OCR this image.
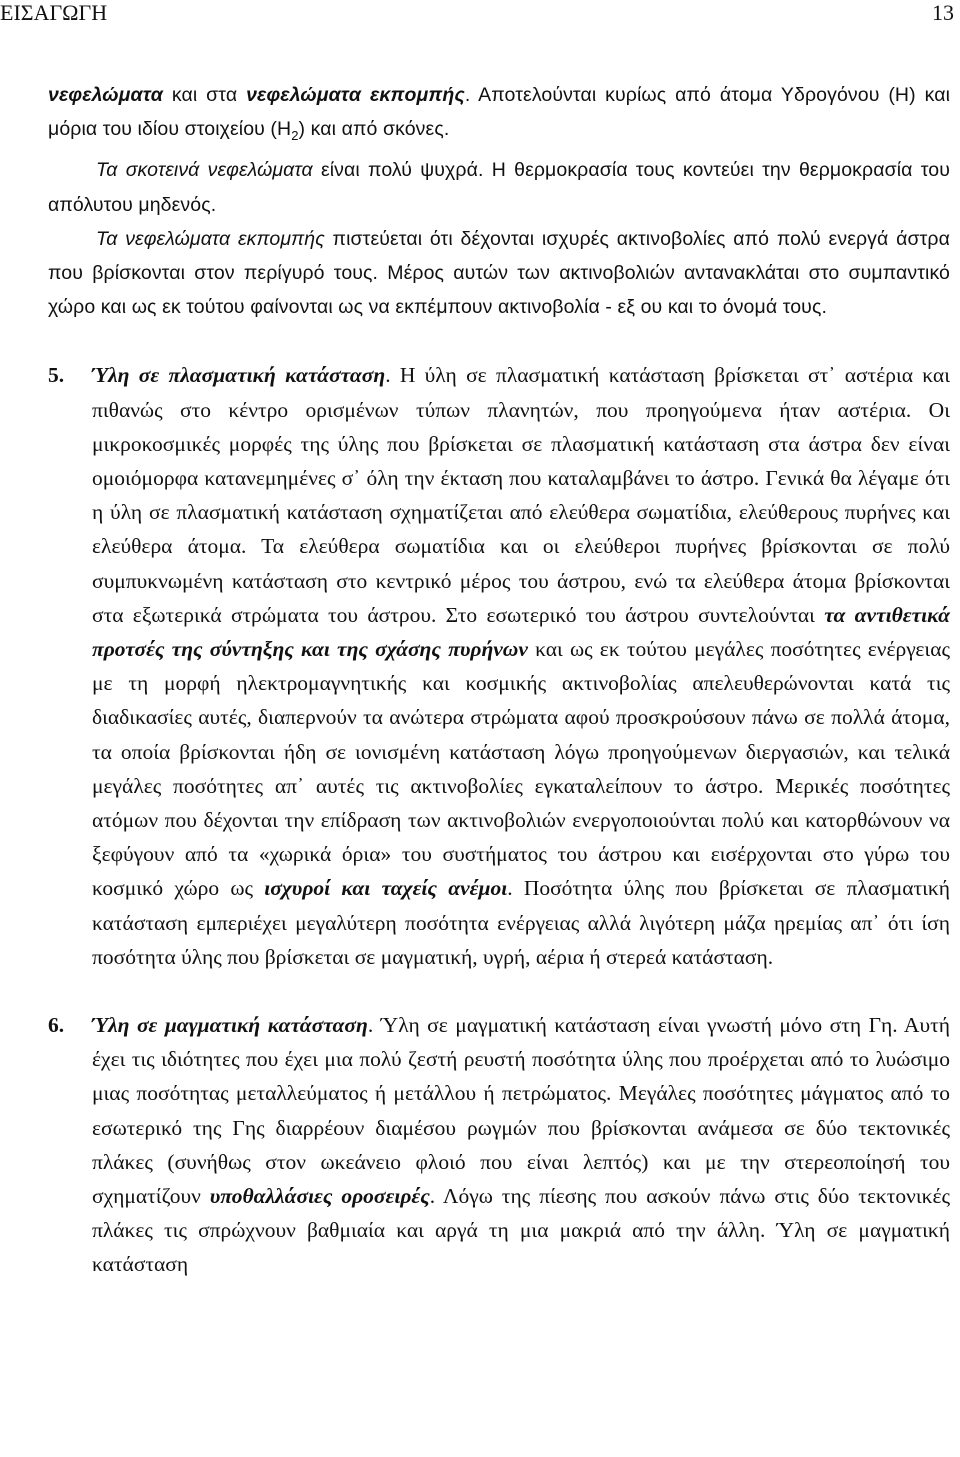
ΕΙΣΑΓΩΓΗ	13

νεφελώματα και στα νεφελώματα εκπομπής. Αποτελούνται κυρίως από άτομα Υδρογόνου (Η) και μόρια του ιδίου στοιχείου $(H_2)$ και από σκόνες.

Τα σκοτεινά νεφελώματα είναι πολύ ψυχρά. Η θερμοκρασία τους κοντεύει την θερμοκρασία του απόλυτου μηδενός.

Τα νεφελώματα εκπομπής πιστεύεται ότι δέχονται ισχυρές ακτινοβολίες από πολύ ενεργά άστρα που βρίσκονται στον περίγυρό τους. Μέρος αυτών των ακτινοβολιών αντανακλάται στο συμπαντικό χώρο και ως εκ τούτου φαίνονται ως να εκπέμπουν ακτινοβολία - εξ ου και το όνομά τους.

5. Ύλη σε πλασματική κατάσταση. Η ύλη σε πλασματική κατάσταση βρίσκεται στ᾽ αστέρια και πιθανώς στο κέντρο ορισμένων τύπων πλανητών, που προηγούμενα ήταν αστέρια. Οι μικροκοσμικές μορφές της ύλης που βρίσκεται σε πλασματική κατάσταση στα άστρα δεν είναι ομοιόμορφα κατανεμημένες σ᾽ όλη την έκταση που καταλαμβάνει το άστρο. Γενικά θα λέγαμε ότι η ύλη σε πλασματική κατάσταση σχηματίζεται από ελεύθερα σωματίδια, ελεύθερους πυρήνες και ελεύθερα άτομα. Τα ελεύθερα σωματίδια και οι ελεύθεροι πυρήνες βρίσκονται σε πολύ συμπυκνωμένη κατάσταση στο κεντρικό μέρος του άστρου, ενώ τα ελεύθερα άτομα βρίσκονται στα εξωτερικά στρώματα του άστρου. Στο εσωτερικό του άστρου συντελούνται τα αντιθετικά προτσές της σύντηξης και της σχάσης πυρήνων και ως εκ τούτου μεγάλες ποσότητες ενέργειας με τη μορφή ηλεκτρομαγνητικής και κοσμικής ακτινοβολίας απελευθερώνονται κατά τις διαδικασίες αυτές, διαπερνούν τα ανώτερα στρώματα αφού προσκρούσουν πάνω σε πολλά άτομα, τα οποία βρίσκονται ήδη σε ιονισμένη κατάσταση λόγω προηγούμενων διεργασιών, και τελικά μεγάλες ποσότητες απ᾽ αυτές τις ακτινοβολίες εγκαταλείπουν το άστρο. Μερικές ποσότητες ατόμων που δέχονται την επίδραση των ακτινοβολιών ενεργοποιούνται πολύ και κατορθώνουν να ξεφύγουν από τα «χωρικά όρια» του συστήματος του άστρου και εισέρχονται στο γύρω του κοσμικό χώρο ως ισχυροί και ταχείς ανέμοι. Ποσότητα ύλης που βρίσκεται σε πλασματική κατάσταση εμπεριέχει μεγαλύτερη ποσότητα ενέργειας αλλά λιγότερη μάζα ηρεμίας απ᾽ ότι ίση ποσότητα ύλης που βρίσκεται σε μαγματική, υγρή, αέρια ή στερεά κατάσταση.

6. Ύλη σε μαγματική κατάσταση. Ύλη σε μαγματική κατάσταση είναι γνωστή μόνο στη Γη. Αυτή έχει τις ιδιότητες που έχει μια πολύ ζεστή ρευστή ποσότητα ύλης που προέρχεται από το λυώσιμο μιας ποσότητας μεταλλεύματος ή μετάλλου ή πετρώματος. Μεγάλες ποσότητες μάγματος από το εσωτερικό της Γης διαρρέουν διαμέσου ρωγμών που βρίσκονται ανάμεσα σε δύο τεκτονικές πλάκες (συνήθως στον ωκεάνειο φλοιό που είναι λεπτός) και με την στερεοποίησή του σχηματίζουν υποθαλλάσιες οροσειρές. Λόγω της πίεσης που ασκούν πάνω στις δύο τεκτονικές πλάκες τις σπρώχνουν βαθμιαία και αργά τη μια μακριά από την άλλη. Ύλη σε μαγματική κατάσταση
